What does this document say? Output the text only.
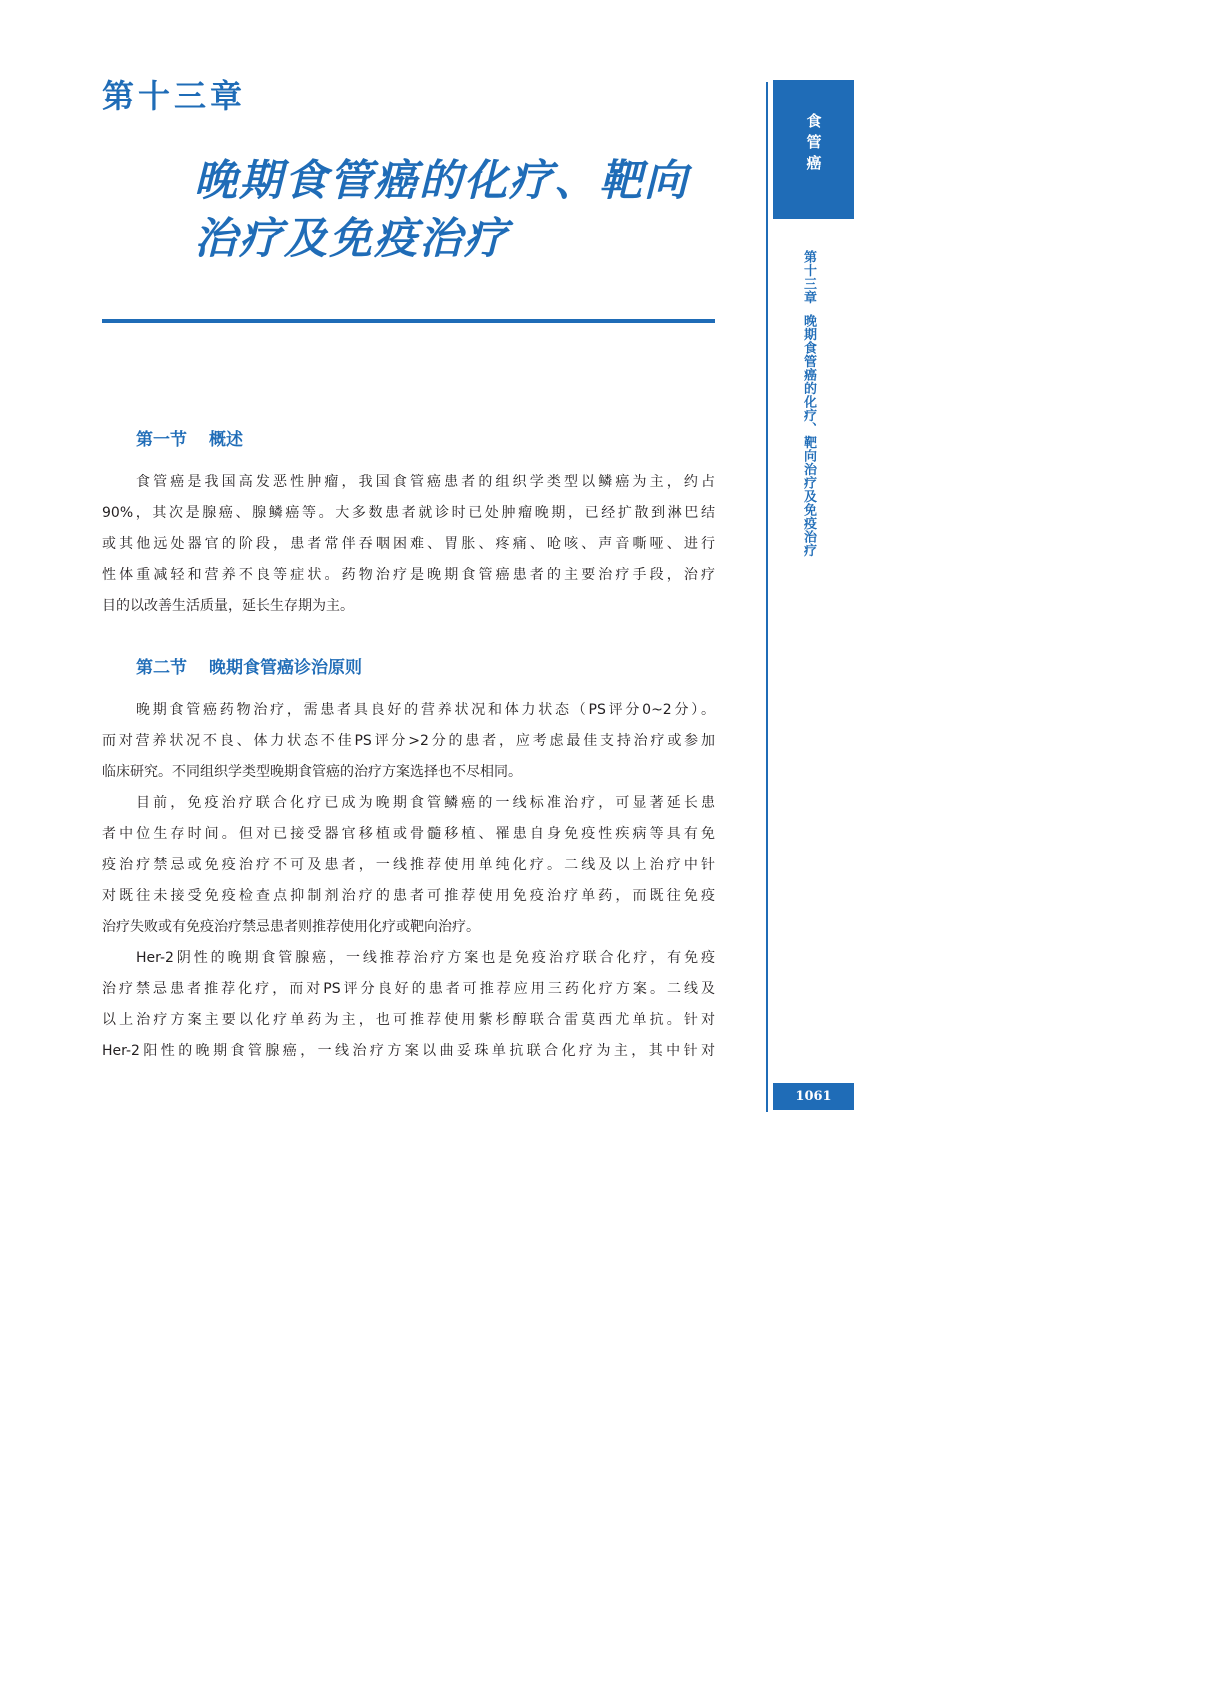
第十三章
晚期食管癌的化疗、靶向
治疗及免疫治疗
第一节 概述
食管癌是我国高发恶性肿瘤，我国食管癌患者的组织学类型以鳞癌为主，约占
90%，其次是腺癌、腺鳞癌等。大多数患者就诊时已处肿瘤晚期，已经扩散到淋巴结
或其他远处器官的阶段，患者常伴吞咽困难、胃胀、疼痛、呛咳、声音嘶哑、进行
性体重减轻和营养不良等症状。药物治疗是晚期食管癌患者的主要治疗手段，治疗
目的以改善生活质量，延长生存期为主。
第二节 晚期食管癌诊治原则
晚期食管癌药物治疗，需患者具良好的营养状况和体力状态（PS评分0~2分）。
而对营养状况不良、体力状态不佳PS评分>2分的患者，应考虑最佳支持治疗或参加
临床研究。不同组织学类型晚期食管癌的治疗方案选择也不尽相同。
目前，免疫治疗联合化疗已成为晚期食管鳞癌的一线标准治疗，可显著延长患
者中位生存时间。但对已接受器官移植或骨髓移植、罹患自身免疫性疾病等具有免
疫治疗禁忌或免疫治疗不可及患者，一线推荐使用单纯化疗。二线及以上治疗中针
对既往未接受免疫检查点抑制剂治疗的患者可推荐使用免疫治疗单药，而既往免疫
治疗失败或有免疫治疗禁忌患者则推荐使用化疗或靶向治疗。
Her-2阴性的晚期食管腺癌，一线推荐治疗方案也是免疫治疗联合化疗，有免疫
治疗禁忌患者推荐化疗，而对PS评分良好的患者可推荐应用三药化疗方案。二线及
以上治疗方案主要以化疗单药为主，也可推荐使用紫杉醇联合雷莫西尤单抗。针对
Her-2阳性的晚期食管腺癌，一线治疗方案以曲妥珠单抗联合化疗为主，其中针对
食管癌
第十三章晚期食管癌的化疗、靶向治疗及免疫治疗
1061
